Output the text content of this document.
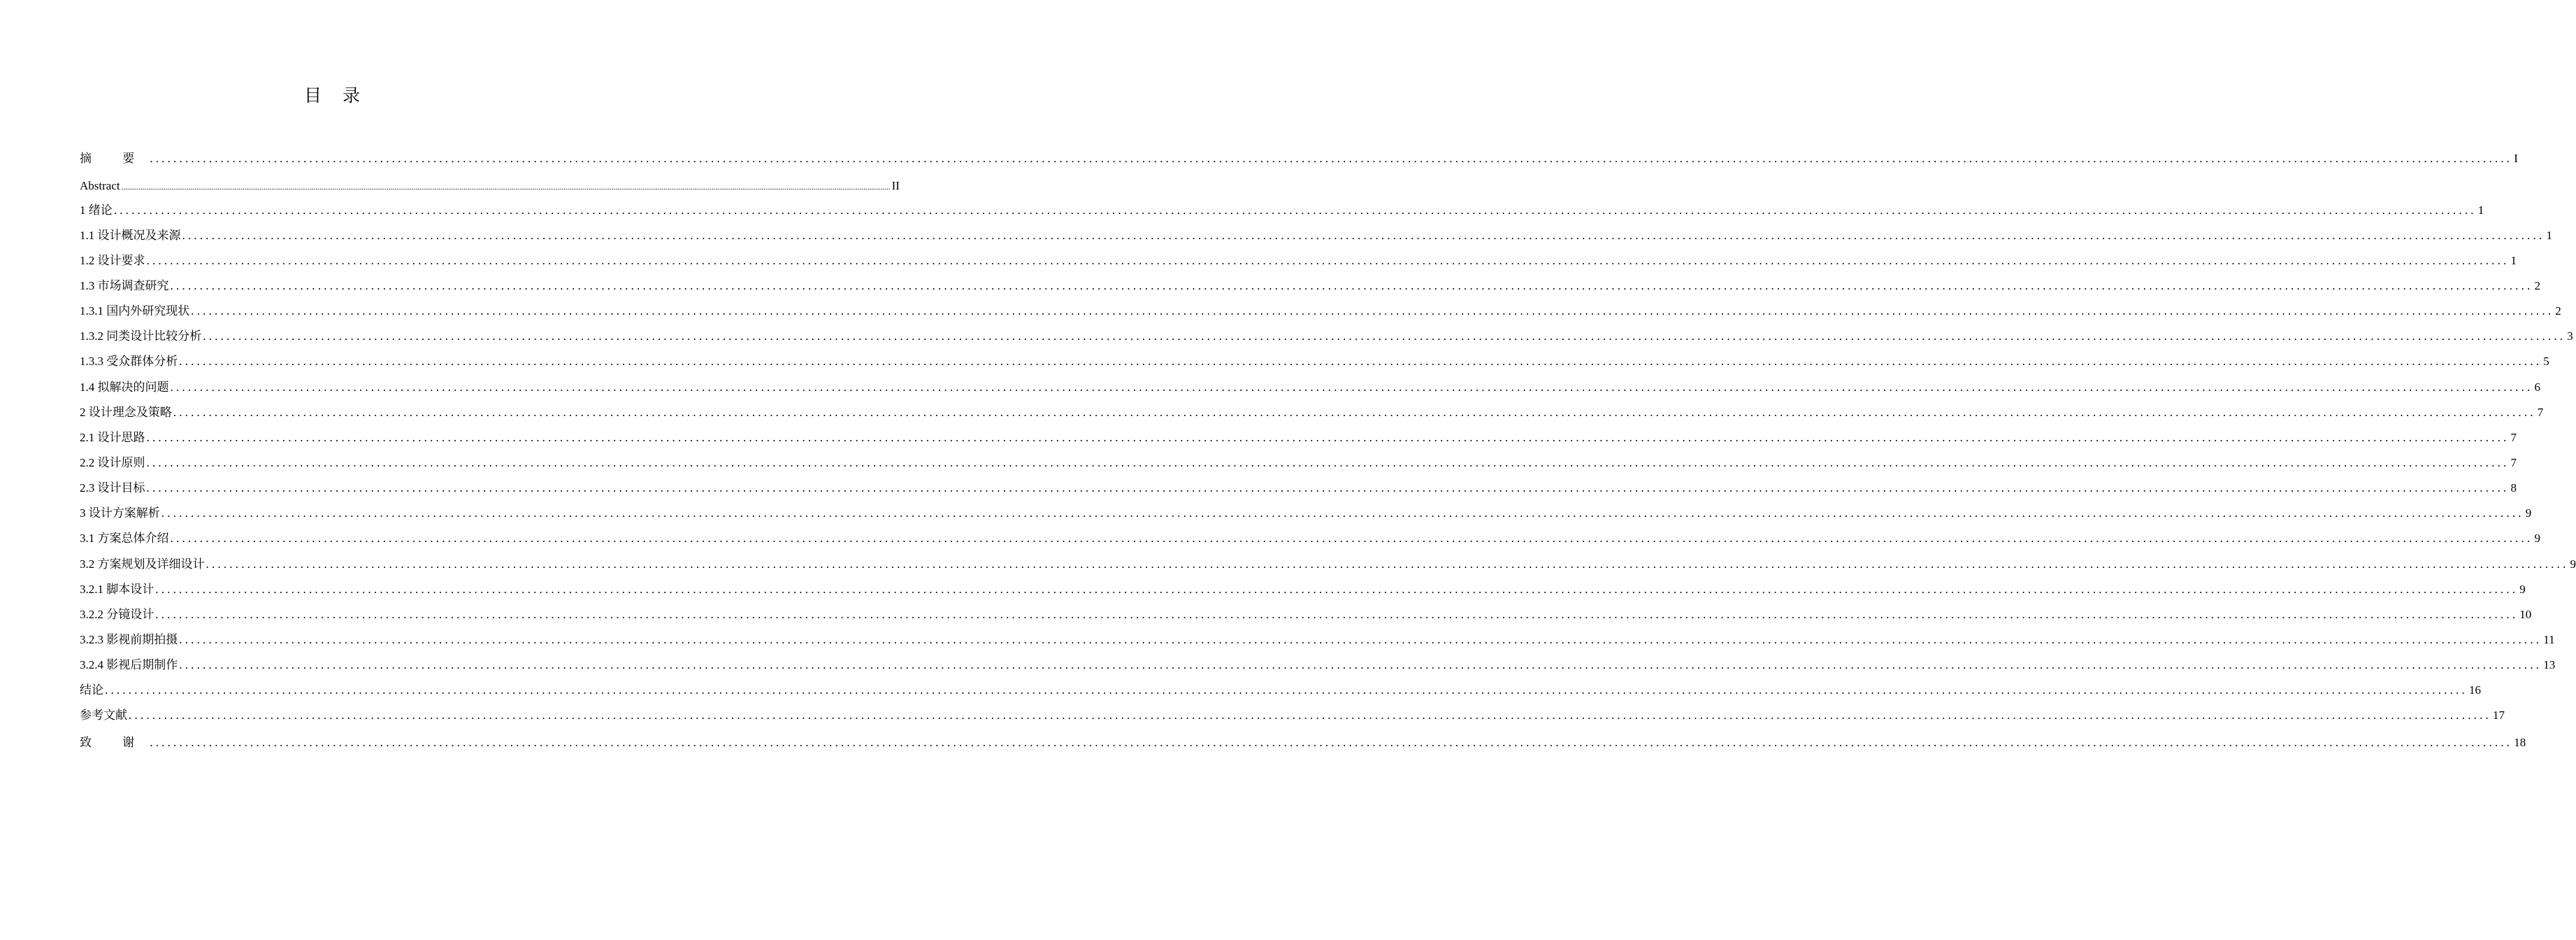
目录
摘 要 ................................................................................................................................................................................................................................................................................................................................................................................................................ I
Abstract ................................................................................................................................................................................................................................................................................................................................................................................................................ II
1 绪论 ................................................................................................................................................................................................................................................................................................................................................................................................................ 1
1.1 设计概况及来源 ................................................................................................................................................................................................................................................................................................................................................................................................................ 1
1.2 设计要求 ................................................................................................................................................................................................................................................................................................................................................................................................................ 1
1.3 市场调查研究 ................................................................................................................................................................................................................................................................................................................................................................................................................ 2
1.3.1 国内外研究现状 ................................................................................................................................................................................................................................................................................................................................................................................................................ 2
1.3.2 同类设计比较分析 ................................................................................................................................................................................................................................................................................................................................................................................................................ 3
1.3.3 受众群体分析 ................................................................................................................................................................................................................................................................................................................................................................................................................ 5
1.4 拟解决的问题 ................................................................................................................................................................................................................................................................................................................................................................................................................ 6
2 设计理念及策略 ................................................................................................................................................................................................................................................................................................................................................................................................................ 7
2.1 设计思路 ................................................................................................................................................................................................................................................................................................................................................................................................................ 7
2.2 设计原则 ................................................................................................................................................................................................................................................................................................................................................................................................................ 7
2.3 设计目标 ................................................................................................................................................................................................................................................................................................................................................................................................................ 8
3 设计方案解析 ................................................................................................................................................................................................................................................................................................................................................................................................................ 9
3.1 方案总体介绍 ................................................................................................................................................................................................................................................................................................................................................................................................................ 9
3.2 方案规划及详细设计 ................................................................................................................................................................................................................................................................................................................................................................................................................ 9
3.2.1 脚本设计 ................................................................................................................................................................................................................................................................................................................................................................................................................ 9
3.2.2 分镜设计 ................................................................................................................................................................................................................................................................................................................................................................................................................ 10
3.2.3 影视前期拍摄 ................................................................................................................................................................................................................................................................................................................................................................................................................ 11
3.2.4 影视后期制作 ................................................................................................................................................................................................................................................................................................................................................................................................................ 13
结论 ................................................................................................................................................................................................................................................................................................................................................................................................................ 16
参考文献 ................................................................................................................................................................................................................................................................................................................................................................................................................ 17
致 谢 ................................................................................................................................................................................................................................................................................................................................................................................................................ 18
